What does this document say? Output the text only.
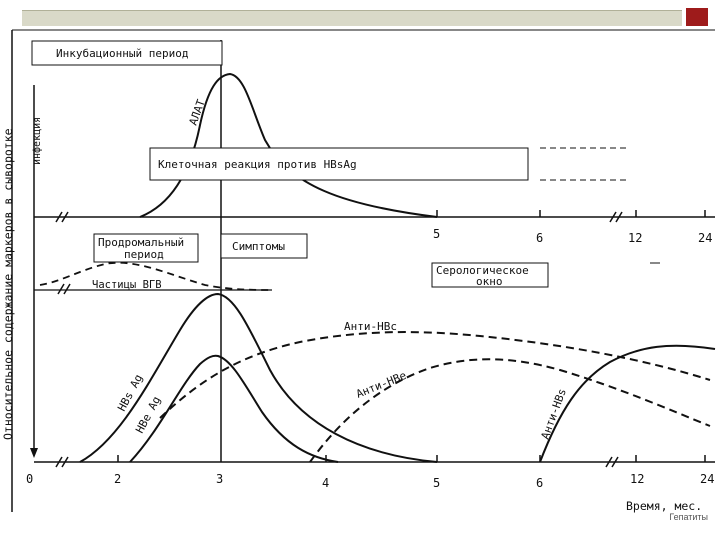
Относительное содержание маркеров в сыворотке инфекция
5	6	12	24
АЛАТ
Инкубационный период
Клеточная реакция против HBsAg
Продромальный
период
Симптомы
Серологическое
окно
Частицы ВГВ
0	2	3	4	5	6	12	24
Время, мес.
HBs Ag
HBe Ag
Анти-HBc
Анти-HBe
Анти-HBs
Гепатиты
